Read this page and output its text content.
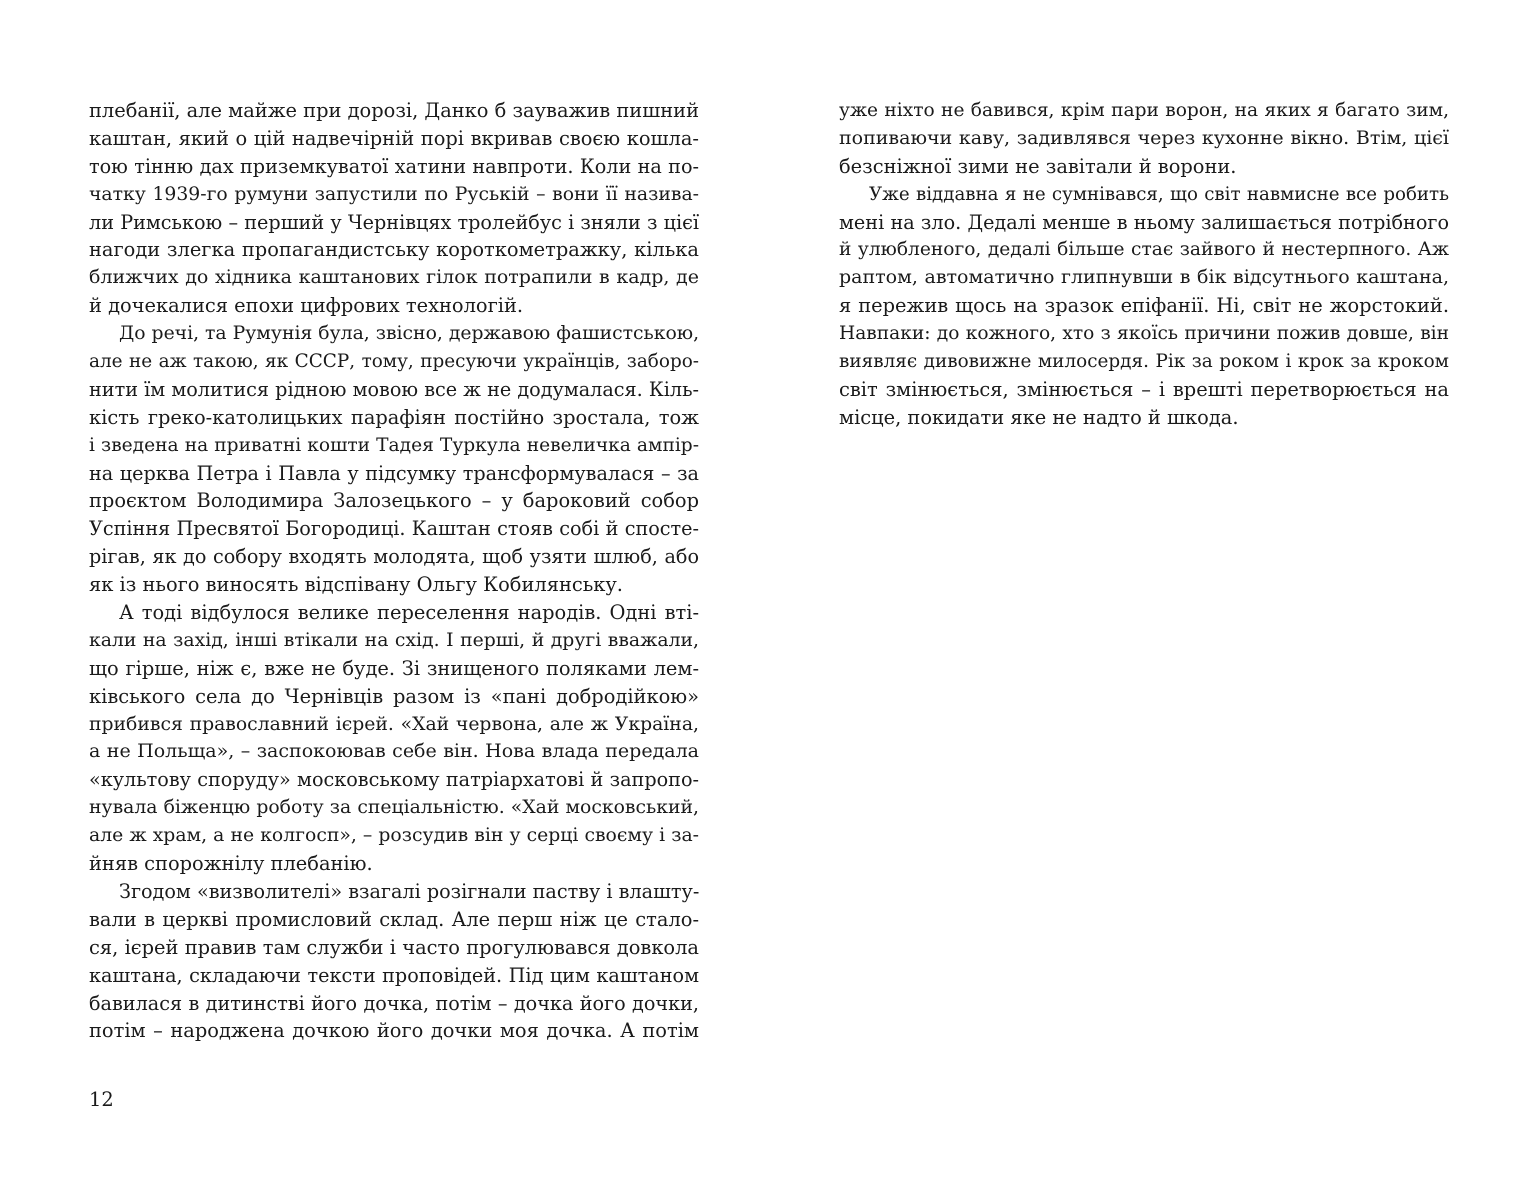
плебанії, але майже при дорозі, Данко б зауважив пишний
каштан, який о цій надвечірній порі вкривав своєю кошла-
тою тінню дах приземкуватої хатини навпроти. Коли на по-
чатку 1939-го румуни запустили по Руській – вони її назива-
ли Римською – перший у Чернівцях тролейбус і зняли з цієї
нагоди злегка пропагандистську короткометражку, кілька
ближчих до хідника каштанових гілок потрапили в кадр, де
й дочекалися епохи цифрових технологій.
До речі, та Румунія була, звісно, державою фашистською,
але не аж такою, як СССР, тому, пресуючи українців, заборо-
нити їм молитися рідною мовою все ж не додумалася. Кіль-
кість греко-католицьких парафіян постійно зростала, тож
і зведена на приватні кошти Тадея Туркула невеличка ампір-
на церква Петра і Павла у підсумку трансформувалася – за
проєктом Володимира Залозецького – у бароковий собор
Успіння Пресвятої Богородиці. Каштан стояв собі й спосте-
рігав, як до собору входять молодята, щоб узяти шлюб, або
як із нього виносять відспівану Ольгу Кобилянську.
А тоді відбулося велике переселення народів. Одні вті-
кали на захід, інші втікали на схід. І перші, й другі вважали,
що гірше, ніж є, вже не буде. Зі знищеного поляками лем-
ківського села до Чернівців разом із «пані добродійкою»
прибився православний ієрей. «Хай червона, але ж Україна,
а не Польща», – заспокоював себе він. Нова влада передала
«культову споруду» московському патріархатові й запропо-
нувала біженцю роботу за спеціальністю. «Хай московський,
але ж храм, а не колгосп», – розсудив він у серці своєму і за-
йняв спорожнілу плебанію.
Згодом «визволителі» взагалі розігнали паству і влашту-
вали в церкві промисловий склад. Але перш ніж це стало-
ся, ієрей правив там служби і часто прогулювався довкола
каштана, складаючи тексти проповідей. Під цим каштаном
бавилася в дитинстві його дочка, потім – дочка його дочки,
потім – народжена дочкою його дочки моя дочка. А потім
уже ніхто не бавився, крім пари ворон, на яких я багато зим,
попиваючи каву, задивлявся через кухонне вікно. Втім, цієї
безсніжної зими не завітали й ворони.
Уже віддавна я не сумнівався, що світ навмисне все робить
мені на зло. Дедалі менше в ньому залишається потрібного
й улюбленого, дедалі більше стає зайвого й нестерпного. Аж
раптом, автоматично глипнувши в бік відсутнього каштана,
я пережив щось на зразок епіфанії. Ні, світ не жорстокий.
Навпаки: до кожного, хто з якоїсь причини пожив довше, він
виявляє дивовижне милосердя. Рік за роком і крок за кроком
світ змінюється, змінюється – і врешті перетворюється на
місце, покидати яке не надто й шкода.
12
